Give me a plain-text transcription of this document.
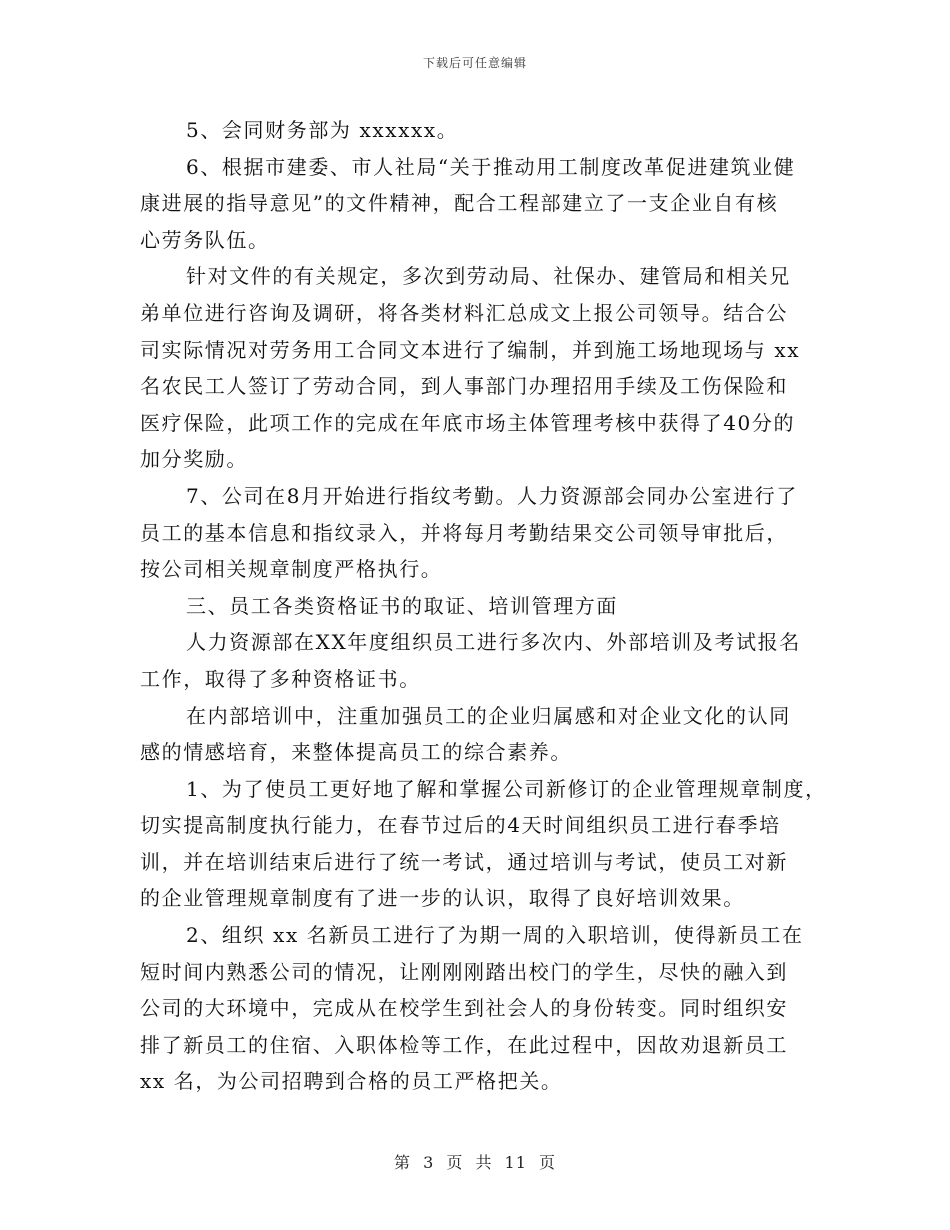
下载后可任意编辑
5、会同财务部为 xxxxxx。
6、根据市建委、市人社局“关于推动用工制度改革促进建筑业健
康进展的指导意见”的文件精神，配合工程部建立了一支企业自有核
心劳务队伍。
针对文件的有关规定，多次到劳动局、社保办、建管局和相关兄
弟单位进行咨询及调研，将各类材料汇总成文上报公司领导。结合公
司实际情况对劳务用工合同文本进行了编制，并到施工场地现场与 xx
名农民工人签订了劳动合同，到人事部门办理招用手续及工伤保险和
医疗保险，此项工作的完成在年底市场主体管理考核中获得了40分的
加分奖励。
7、公司在8月开始进行指纹考勤。人力资源部会同办公室进行了
员工的基本信息和指纹录入，并将每月考勤结果交公司领导审批后，
按公司相关规章制度严格执行。
三、员工各类资格证书的取证、培训管理方面
人力资源部在XX年度组织员工进行多次内、外部培训及考试报名
工作，取得了多种资格证书。
在内部培训中，注重加强员工的企业归属感和对企业文化的认同
感的情感培育，来整体提高员工的综合素养。
1、为了使员工更好地了解和掌握公司新修订的企业管理规章制度，
切实提高制度执行能力，在春节过后的4天时间组织员工进行春季培
训，并在培训结束后进行了统一考试，通过培训与考试，使员工对新
的企业管理规章制度有了进一步的认识，取得了良好培训效果。
2、组织 xx 名新员工进行了为期一周的入职培训，使得新员工在
短时间内熟悉公司的情况，让刚刚刚踏出校门的学生，尽快的融入到
公司的大环境中，完成从在校学生到社会人的身份转变。同时组织安
排了新员工的住宿、入职体检等工作，在此过程中，因故劝退新员工
xx 名，为公司招聘到合格的员工严格把关。
第 3 页 共 11 页
